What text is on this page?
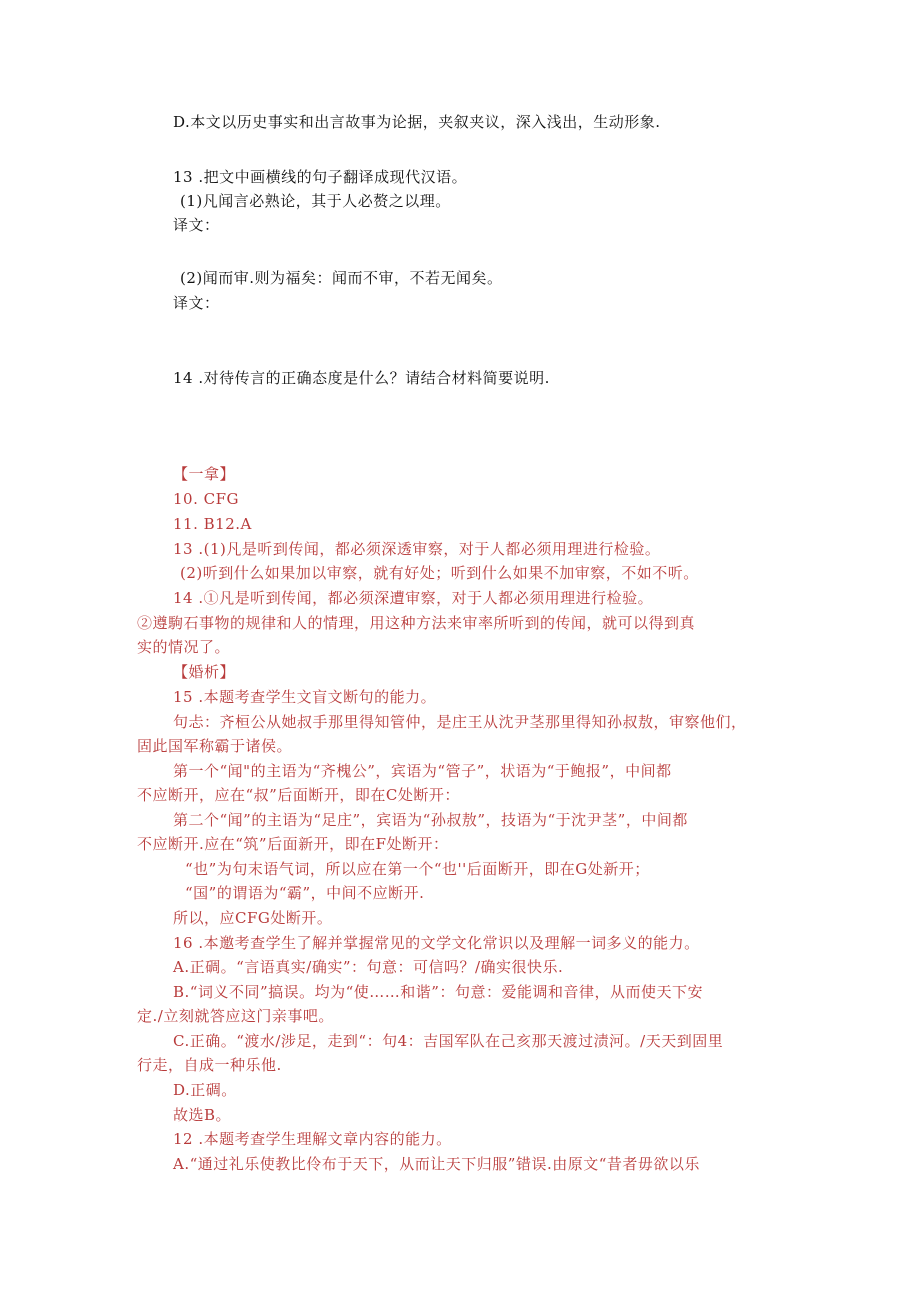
D.本文以历史事实和出言故事为论据，夹叙夹议，深入浅出，生动形象.
13 .把文中画横线的句子翻译成现代汉语。
(1)凡闻言必熟论，其于人必赘之以理。
译文：
(2)闻而审.则为福矣：闻而不审，不若无闻矣。
译文：
14 .对待传言的正确态度是什么？请结合材料简要说明.
【一拿】
10. CFG
11. B12.A
13 .(1)凡是听到传闻，都必须深透审察，对于人都必须用理进行检验。
(2)听到什么如果加以审察，就有好处；听到什么如果不加审察，不如不听。
14 .①凡是听到传闻，都必须深遭审察，对于人都必须用理进行检验。
②遵駒石事物的规律和人的情理，用这种方法来审率所听到的传闻，就可以得到真
实的情况了。
【婚析】
15 .本题考查学生文盲文断句的能力。
句忐：齐桓公从她叔手那里得知管仲，是庄王从沈尹茎那里得知孙叔敖，审察他们，
固此国军称霸于诸侯。
第一个“闻"的主语为“齐槐公”，宾语为“管子”，状语为“于鲍报”，中间都
不应断开，应在“叔”后面断开，即在C处断开：
第二个“闻”的主语为“足庄”，宾语为“孙叔敖”，技语为“于沈尹茎”，中间都
不应断开.应在“筑”后面新开，即在F处断开：
“也”为句末语气词，所以应在第一个“也''后面断开，即在G处新开；
“国”的谓语为“霸”，中间不应断开.
所以，应CFG处断开。
16 .本邀考查学生了解并掌握常见的文学文化常识以及理解一词多义的能力。
A.正碉。“言语真实/确实”：句意：可信吗？/确实很快乐.
B.“词义不同”搞误。均为“使……和谐”：句意：爱能调和音律，从而使天下安
定./立刻就答应这门亲事吧。
C.正确。“渡水/涉足，走到“：句4：吉国军队在己亥那天渡过渍河。/天天到固里
行走，自成一种乐他.
D.正碉。
故选B。
12 .本题考查学生理解文章内容的能力。
A.“通过礼乐使教比伶布于天下，从而让天下归服”错误.由原文“昔者毋欲以乐
